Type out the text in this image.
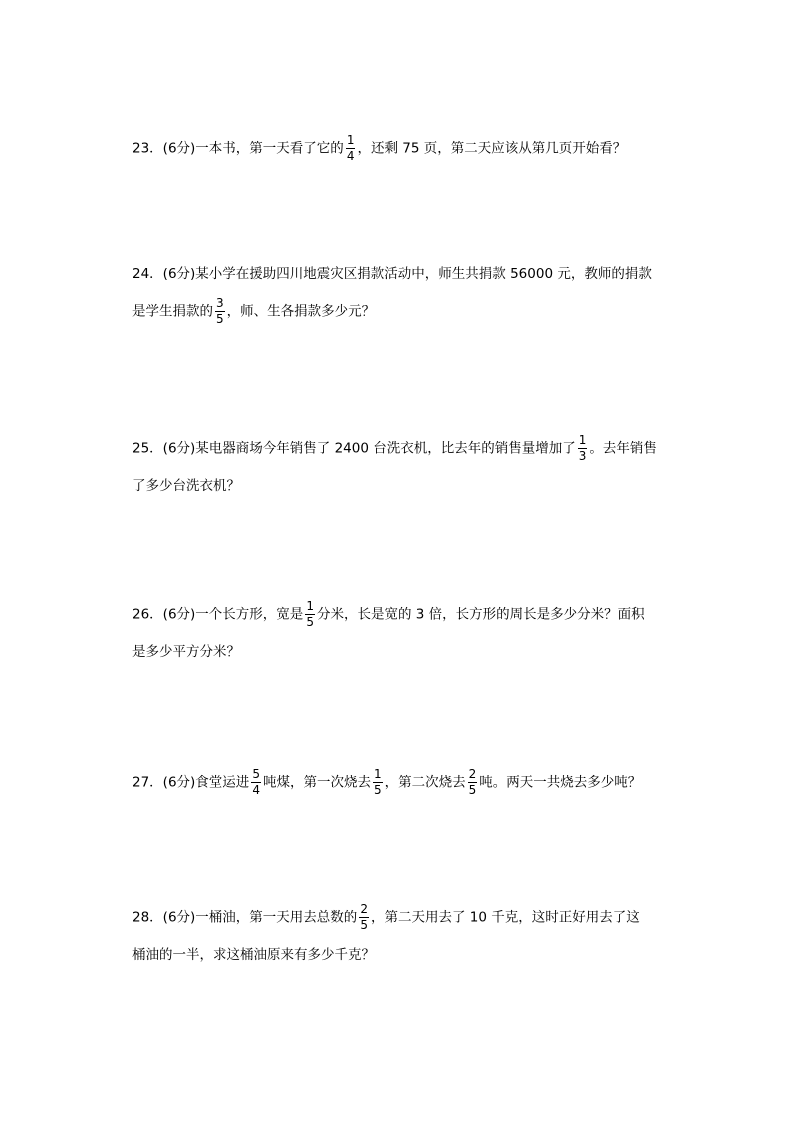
23．(6分)一本书，第一天看了它的 $\frac{1}{4}$ ，还剩 75 页，第二天应该从第几页开始看？
24．(6分)某小学在援助四川地震灾区捐款活动中，师生共捐款 56000 元，教师的捐款
是学生捐款的 $\frac{3}{5}$ ，师、生各捐款多少元？
25．(6分)某电器商场今年销售了 2400 台洗衣机，比去年的销售量增加了 $\frac{1}{3}$ 。去年销售
了多少台洗衣机？
26．(6分)一个长方形，宽是 $\frac{1}{5}$ 分米，长是宽的 3 倍，长方形的周长是多少分米？面积
是多少平方分米？
27．(6分)食堂运进 $\frac{5}{4}$ 吨煤，第一次烧去 $\frac{1}{5}$ ，第二次烧去 $\frac{2}{5}$ 吨。两天一共烧去多少吨？
28．(6分)一桶油，第一天用去总数的 $\frac{2}{5}$ ，第二天用去了 10 千克，这时正好用去了这
桶油的一半，求这桶油原来有多少千克？
